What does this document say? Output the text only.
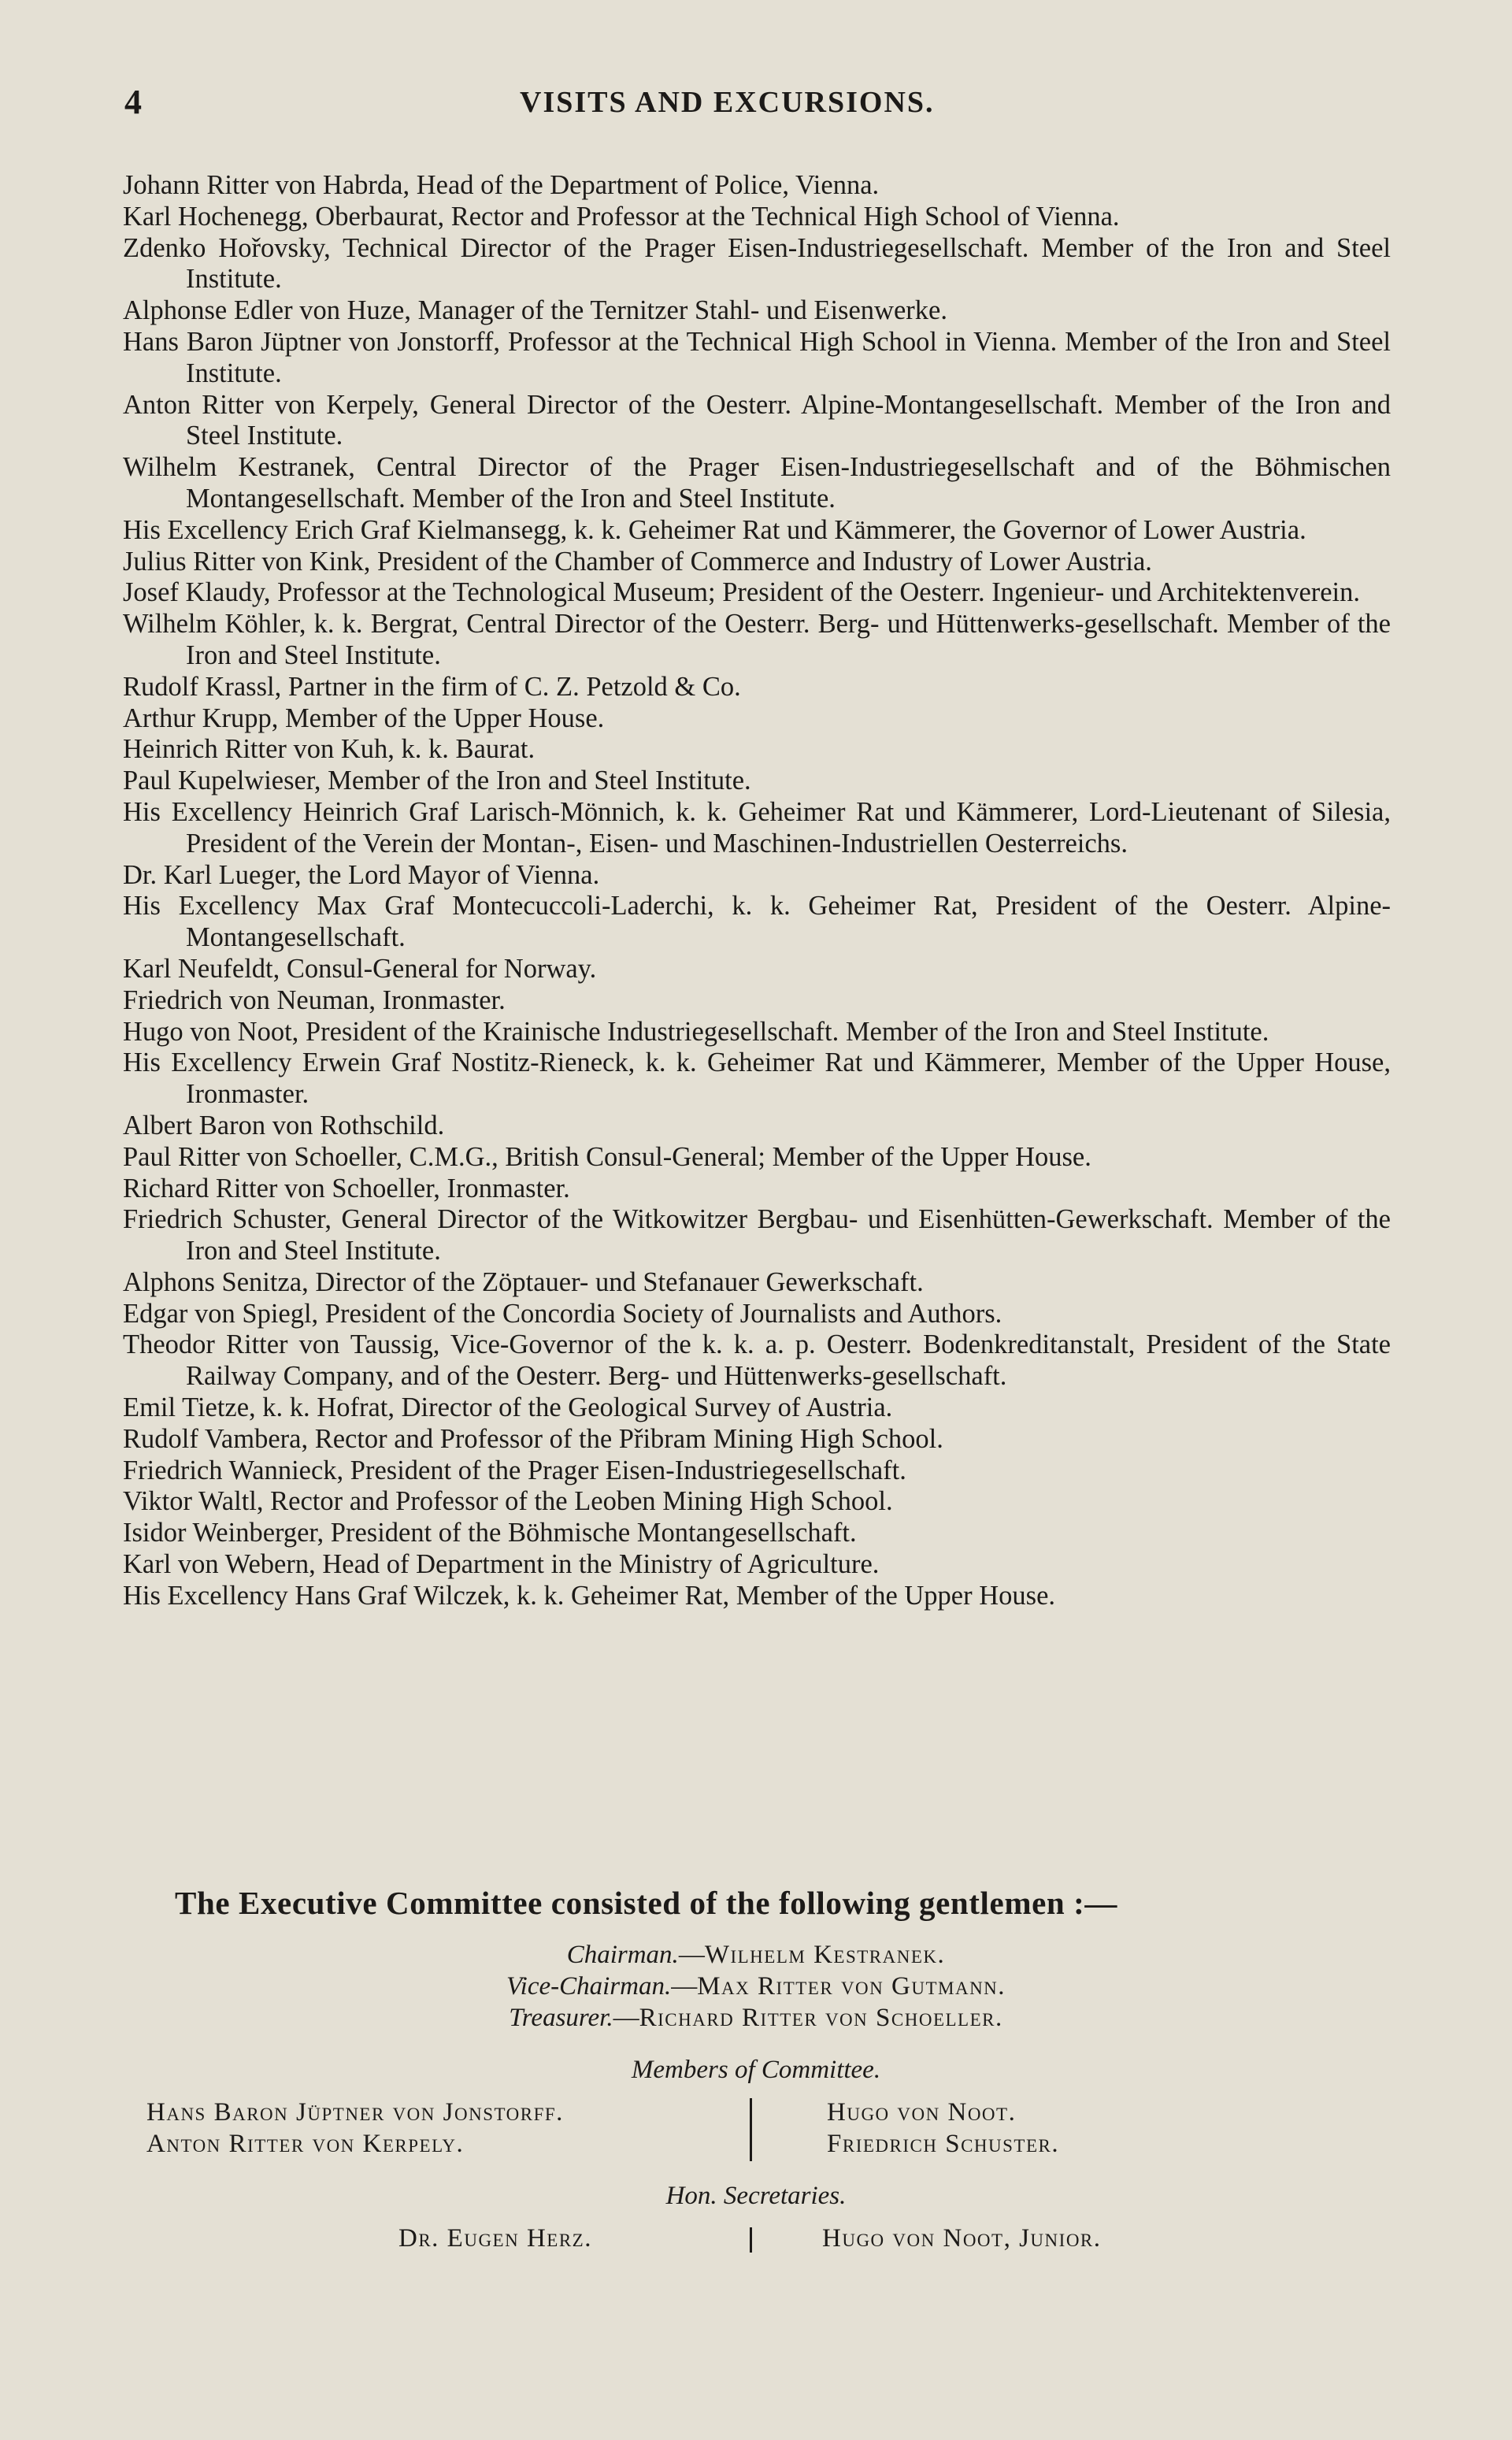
4	VISITS AND EXCURSIONS.
Johann Ritter von Habrda, Head of the Department of Police, Vienna.
Karl Hochenegg, Oberbaurat, Rector and Professor at the Technical High School of Vienna.
Zdenko Hořovsky, Technical Director of the Prager Eisen-Industriegesellschaft. Member of the Iron and Steel Institute.
Alphonse Edler von Huze, Manager of the Ternitzer Stahl- und Eisenwerke.
Hans Baron Jüptner von Jonstorff, Professor at the Technical High School in Vienna. Member of the Iron and Steel Institute.
Anton Ritter von Kerpely, General Director of the Oesterr. Alpine-Montangesellschaft. Member of the Iron and Steel Institute.
Wilhelm Kestranek, Central Director of the Prager Eisen-Industriegesellschaft and of the Böhmischen Montangesellschaft. Member of the Iron and Steel Institute.
His Excellency Erich Graf Kielmansegg, k. k. Geheimer Rat und Kämmerer, the Governor of Lower Austria.
Julius Ritter von Kink, President of the Chamber of Commerce and Industry of Lower Austria.
Josef Klaudy, Professor at the Technological Museum; President of the Oesterr. Ingenieur- und Architektenverein.
Wilhelm Köhler, k. k. Bergrat, Central Director of the Oesterr. Berg- und Hüttenwerks-gesellschaft. Member of the Iron and Steel Institute.
Rudolf Krassl, Partner in the firm of C. Z. Petzold & Co.
Arthur Krupp, Member of the Upper House.
Heinrich Ritter von Kuh, k. k. Baurat.
Paul Kupelwieser, Member of the Iron and Steel Institute.
His Excellency Heinrich Graf Larisch-Mönnich, k. k. Geheimer Rat und Kämmerer, Lord-Lieutenant of Silesia, President of the Verein der Montan-, Eisen- und Maschinen-Industriellen Oesterreichs.
Dr. Karl Lueger, the Lord Mayor of Vienna.
His Excellency Max Graf Montecuccoli-Laderchi, k. k. Geheimer Rat, President of the Oesterr. Alpine-Montangesellschaft.
Karl Neufeldt, Consul-General for Norway.
Friedrich von Neuman, Ironmaster.
Hugo von Noot, President of the Krainische Industriegesellschaft. Member of the Iron and Steel Institute.
His Excellency Erwein Graf Nostitz-Rieneck, k. k. Geheimer Rat und Kämmerer, Member of the Upper House, Ironmaster.
Albert Baron von Rothschild.
Paul Ritter von Schoeller, C.M.G., British Consul-General; Member of the Upper House.
Richard Ritter von Schoeller, Ironmaster.
Friedrich Schuster, General Director of the Witkowitzer Bergbau- und Eisenhütten-Gewerkschaft. Member of the Iron and Steel Institute.
Alphons Senitza, Director of the Zöptauer- und Stefanauer Gewerkschaft.
Edgar von Spiegl, President of the Concordia Society of Journalists and Authors.
Theodor Ritter von Taussig, Vice-Governor of the k. k. a. p. Oesterr. Bodenkreditanstalt, President of the State Railway Company, and of the Oesterr. Berg- und Hüttenwerks-gesellschaft.
Emil Tietze, k. k. Hofrat, Director of the Geological Survey of Austria.
Rudolf Vambera, Rector and Professor of the Přibram Mining High School.
Friedrich Wannieck, President of the Prager Eisen-Industriegesellschaft.
Viktor Waltl, Rector and Professor of the Leoben Mining High School.
Isidor Weinberger, President of the Böhmische Montangesellschaft.
Karl von Webern, Head of Department in the Ministry of Agriculture.
His Excellency Hans Graf Wilczek, k. k. Geheimer Rat, Member of the Upper House.
The Executive Committee consisted of the following gentlemen :—
Chairman.—Wilhelm Kestranek.
Vice-Chairman.—Max Ritter von Gutmann.
Treasurer.—Richard Ritter von Schoeller.
Members of Committee.
Hans Baron Jüptner von Jonstorff.
Anton Ritter von Kerpely.
Hugo von Noot.
Friedrich Schuster.
Hon. Secretaries.
Dr. Eugen Herz.	Hugo von Noot, Junior.
